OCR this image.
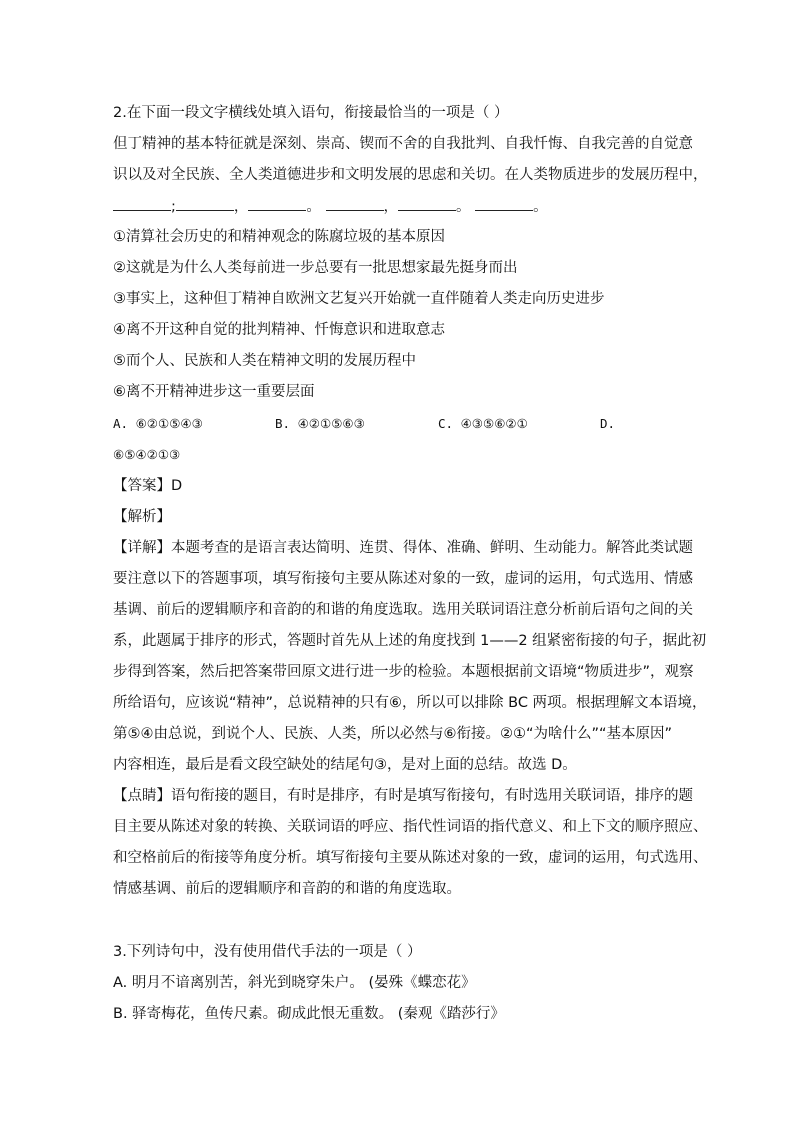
2.在下面一段文字横线处填入语句，衔接最恰当的一项是（ ）
但丁精神的基本特征就是深刻、崇高、锲而不舍的自我批判、自我忏悔、自我完善的自觉意
识以及对全民族、全人类道德进步和文明发展的思虑和关切。在人类物质进步的发展历程中，
;	，	。	，	。	。
①清算社会历史的和精神观念的陈腐垃圾的基本原因
②这就是为什么人类每前进一步总要有一批思想家最先挺身而出
③事实上，这种但丁精神自欧洲文艺复兴开始就一直伴随着人类走向历史进步
④离不开这种自觉的批判精神、忏悔意识和进取意志
⑤而个人、民族和人类在精神文明的发展历程中
⑥离不开精神进步这一重要层面
A. ⑥②①⑤④③	B. ④②①⑤⑥③	C. ④③⑤⑥②①	D.
⑥⑤④②①③
【答案】D
【解析】
【详解】本题考查的是语言表达简明、连贯、得体、准确、鲜明、生动能力。解答此类试题
要注意以下的答题事项，填写衔接句主要从陈述对象的一致，虚词的运用，句式选用、情感
基调、前后的逻辑顺序和音韵的和谐的角度选取。选用关联词语注意分析前后语句之间的关
系，此题属于排序的形式，答题时首先从上述的角度找到 1——2 组紧密衔接的句子，据此初
步得到答案，然后把答案带回原文进行进一步的检验。本题根据前文语境“物质进步”，观察
所给语句，应该说“精神”，总说精神的只有⑥，所以可以排除 BC 两项。根据理解文本语境，
第⑤④由总说，到说个人、民族、人类，所以必然与⑥衔接。②①“为啥什么”“基本原因”
内容相连，最后是看文段空缺处的结尾句③，是对上面的总结。故选 D。
【点睛】语句衔接的题目，有时是排序，有时是填写衔接句，有时选用关联词语，排序的题
目主要从陈述对象的转换、关联词语的呼应、指代性词语的指代意义、和上下文的顺序照应、
和空格前后的衔接等角度分析。填写衔接句主要从陈述对象的一致，虚词的运用，句式选用、
情感基调、前后的逻辑顺序和音韵的和谐的角度选取。
3.下列诗句中，没有使用借代手法的一项是（ ）
A. 明月不谙离别苦，斜光到晓穿朱户。 (晏殊《蝶恋花》
B. 驿寄梅花，鱼传尺素。砌成此恨无重数。 (秦观《踏莎行》
